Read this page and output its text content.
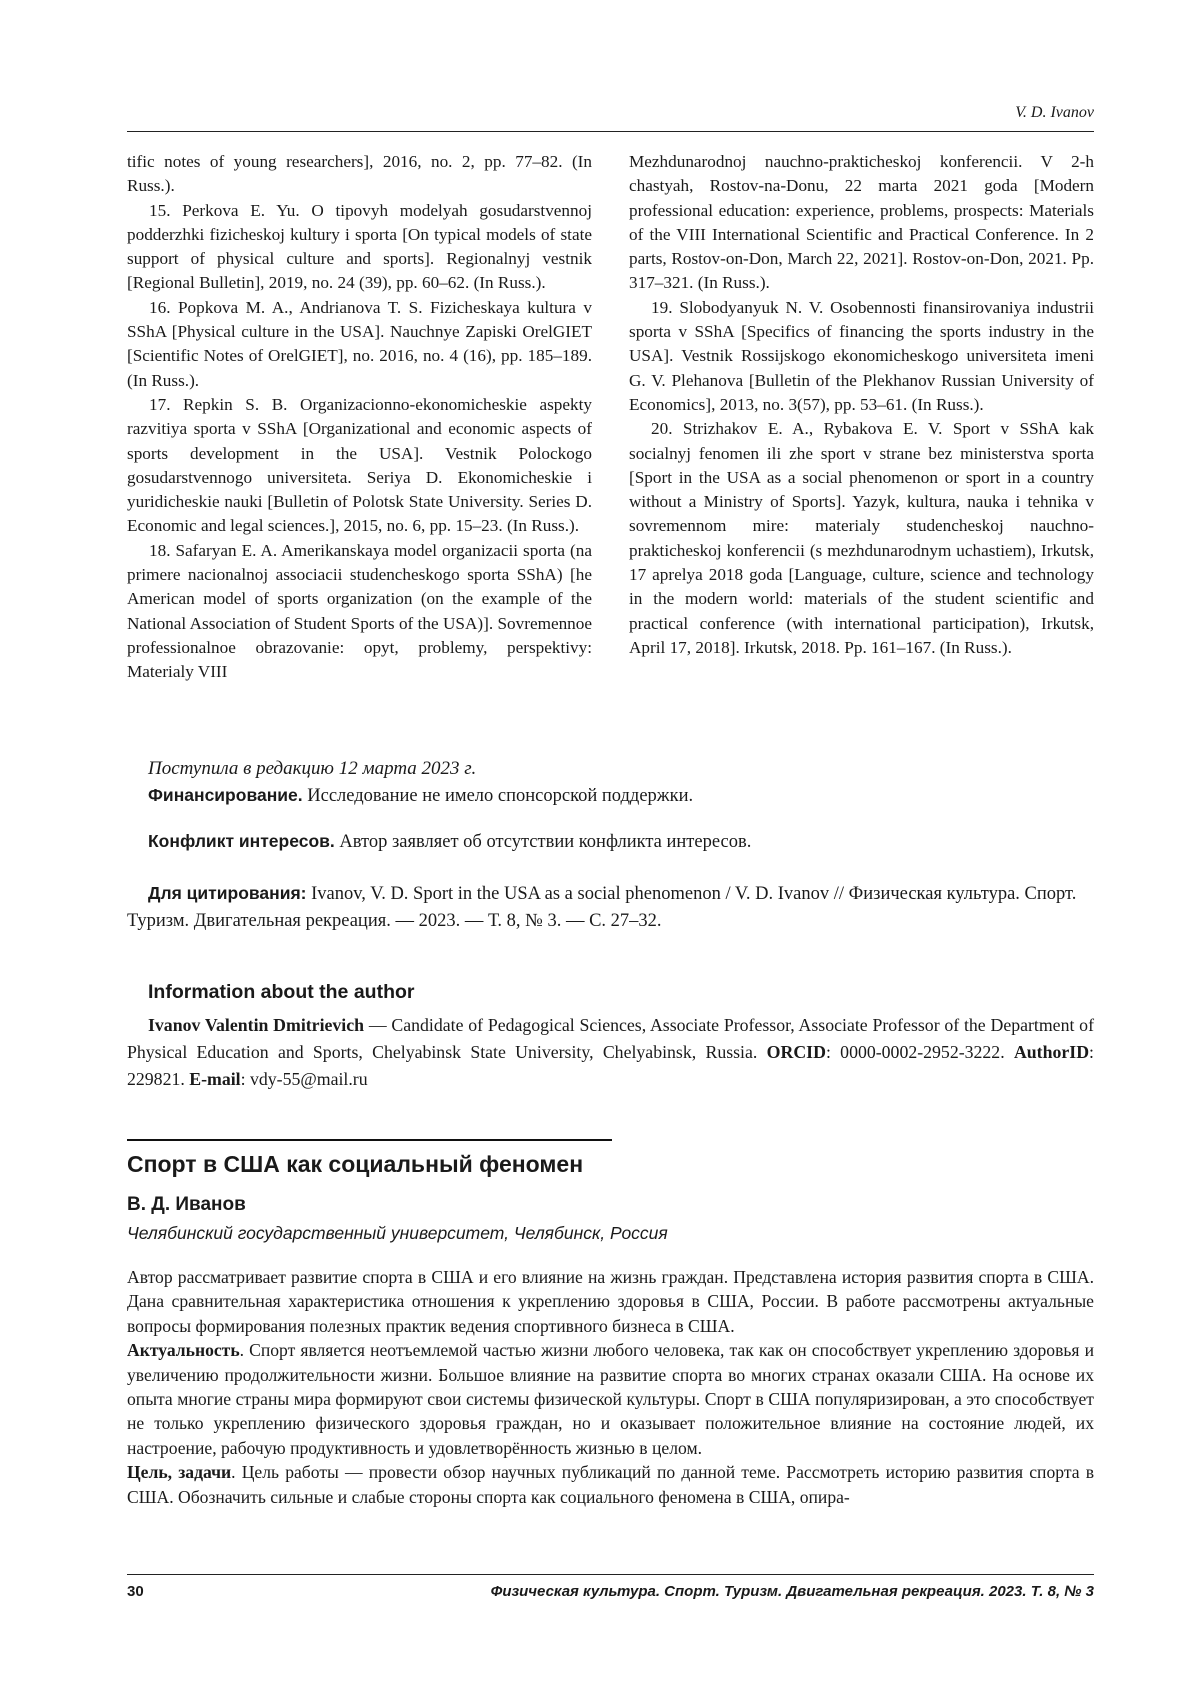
V. D. Ivanov

tific notes of young researchers], 2016, no. 2, pp. 77–82. (In Russ.).

15. Perkova E. Yu. O tipovyh modelyah gosudarstvennoj podderzhki fizicheskoj kultury i sporta [On typical models of state support of physical culture and sports]. Regionalnyj vestnik [Regional Bulletin], 2019, no. 24 (39), pp. 60–62. (In Russ.).

16. Popkova M. A., Andrianova T. S. Fizicheskaya kultura v SShA [Physical culture in the USA]. Nauchnye Zapiski OrelGIET [Scientific Notes of OrelGIET], no. 2016, no. 4 (16), pp. 185–189. (In Russ.).

17. Repkin S. B. Organizacionno-ekonomicheskie aspekty razvitiya sporta v SShA [Organizational and economic aspects of sports development in the USA]. Vestnik Polockogo gosudarstvennogo universiteta. Seriya D. Ekonomicheskie i yuridicheskie nauki [Bulletin of Polotsk State University. Series D. Economic and legal sciences.], 2015, no. 6, pp. 15–23. (In Russ.).

18. Safaryan E. A. Amerikanskaya model organizacii sporta (na primere nacionalnoj associacii studencheskogo sporta SShA) [he American model of sports organization (on the example of the National Association of Student Sports of the USA)]. Sovremennoe professionalnoe obrazovanie: opyt, problemy, perspektivy: Materialy VIII

Mezhdunarodnoj nauchno-prakticheskoj konferencii. V 2-h chastyah, Rostov-na-Donu, 22 marta 2021 goda [Modern professional education: experience, problems, prospects: Materials of the VIII International Scientific and Practical Conference. In 2 parts, Rostov-on-Don, March 22, 2021]. Rostov-on-Don, 2021. Pp. 317–321. (In Russ.).

19. Slobodyanyuk N. V. Osobennosti finansirovaniya industrii sporta v SShA [Specifics of financing the sports industry in the USA]. Vestnik Rossijskogo ekonomicheskogo universiteta imeni G. V. Plehanova [Bulletin of the Plekhanov Russian University of Economics], 2013, no. 3(57), pp. 53–61. (In Russ.).

20. Strizhakov E. A., Rybakova E. V. Sport v SShA kak socialnyj fenomen ili zhe sport v strane bez ministerstva sporta [Sport in the USA as a social phenomenon or sport in a country without a Ministry of Sports]. Yazyk, kultura, nauka i tehnika v sovremennom mire: materialy studencheskoj nauchno-prakticheskoj konferencii (s mezhdunarodnym uchastiem), Irkutsk, 17 aprelya 2018 goda [Language, culture, science and technology in the modern world: materials of the student scientific and practical conference (with international participation), Irkutsk, April 17, 2018]. Irkutsk, 2018. Pp. 161–167. (In Russ.).

Поступила в редакцию 12 марта 2023 г.
Финансирование. Исследование не имело спонсорской поддержки.
Конфликт интересов. Автор заявляет об отсутствии конфликта интересов.
Для цитирования: Ivanov, V. D. Sport in the USA as a social phenomenon / V. D. Ivanov // Физическая культура. Спорт. Туризм. Двигательная рекреация. — 2023. — Т. 8, № 3. — С. 27–32.
Information about the author
Ivanov Valentin Dmitrievich — Candidate of Pedagogical Sciences, Associate Professor, Associate Professor of the Department of Physical Education and Sports, Chelyabinsk State University, Chelyabinsk, Russia. ORCID: 0000-0002-2952-3222. AuthorID: 229821. E-mail: vdy-55@mail.ru
Спорт в США как социальный феномен
В. Д. Иванов
Челябинский государственный университет, Челябинск, Россия

Автор рассматривает развитие спорта в США и его влияние на жизнь граждан. Представлена история развития спорта в США. Дана сравнительная характеристика отношения к укреплению здоровья в США, России. В работе рассмотрены актуальные вопросы формирования полезных практик ведения спортивного бизнеса в США.

Актуальность. Спорт является неотъемлемой частью жизни любого человека, так как он способствует укреплению здоровья и увеличению продолжительности жизни. Большое влияние на развитие спорта во многих странах оказали США. На основе их опыта многие страны мира формируют свои системы физической культуры. Спорт в США популяризирован, а это способствует не только укреплению физического здоровья граждан, но и оказывает положительное влияние на состояние людей, их настроение, рабочую продуктивность и удовлетворённость жизнью в целом.

Цель, задачи. Цель работы — провести обзор научных публикаций по данной теме. Рассмотреть историю развития спорта в США. Обозначить сильные и слабые стороны спорта как социального феномена в США, опира-

30	Физическая культура. Спорт. Туризм. Двигательная рекреация. 2023. Т. 8, № 3
